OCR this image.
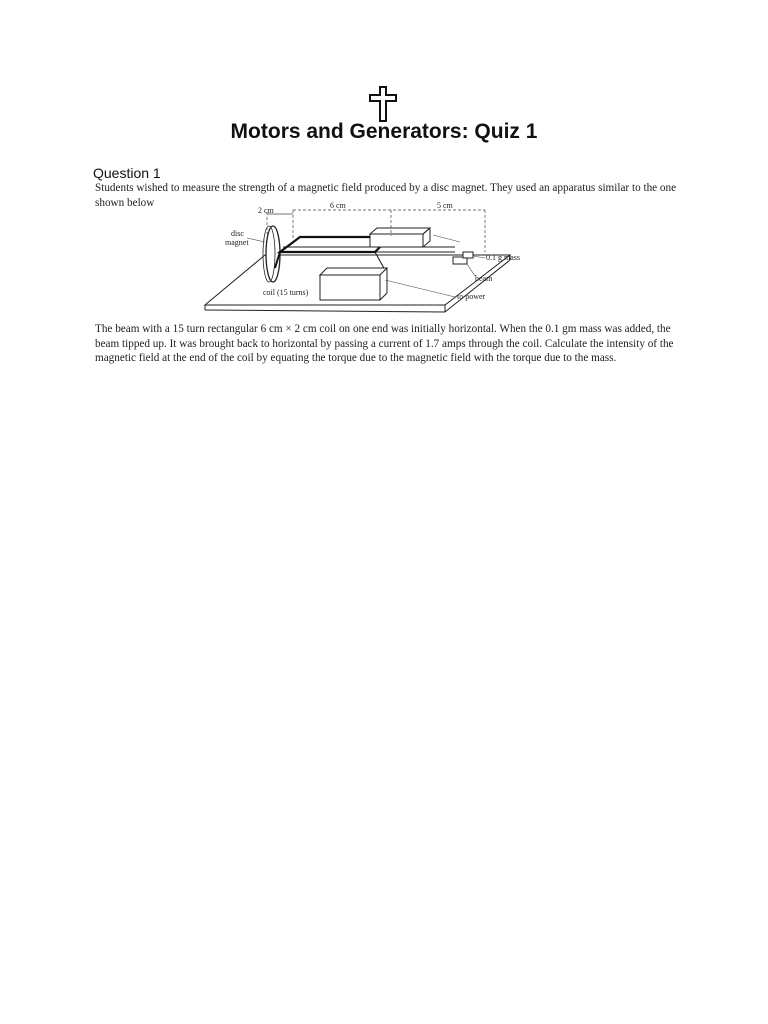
Motors and Generators: Quiz 1
Question 1

Students wished to measure the strength of a magnetic field produced by a disc magnet. They used an apparatus similar to the one shown below

2 cm
6 cm	5 cm
disc
magnet
0.1 g mass
beam
coil (15 turns)	to power

The beam with a 15 turn rectangular 6 cm × 2 cm coil on one end was initially horizontal. When the 0.1 gm mass was added, the beam tipped up. It was brought back to horizontal by passing a current of 1.7 amps through the coil. Calculate the intensity of the magnetic field at the end of the coil by equating the torque due to the magnetic field with the torque due to the mass.
